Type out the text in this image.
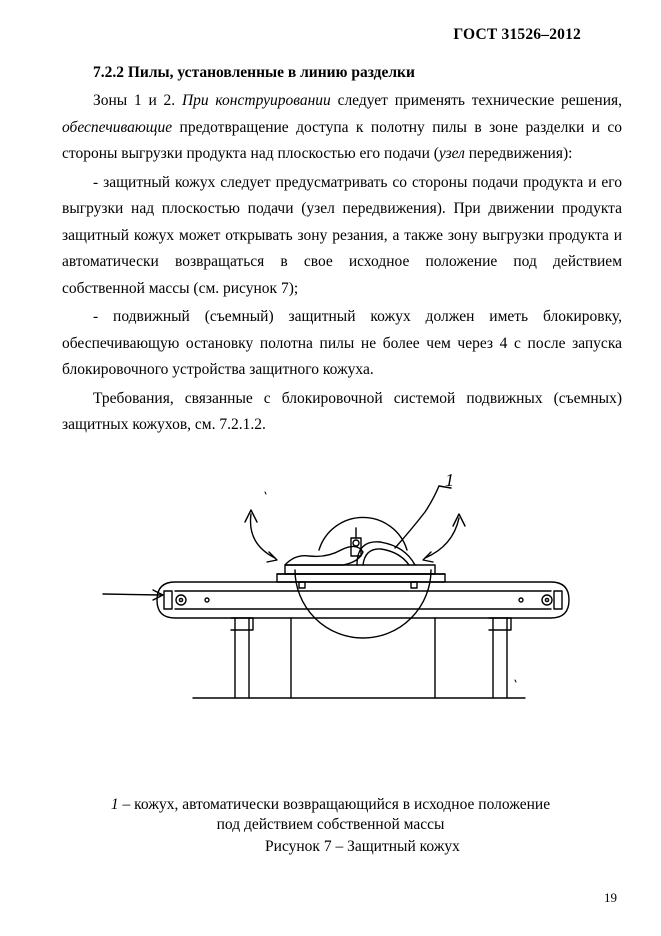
ГОСТ 31526–2012
7.2.2 Пилы, установленные в линию разделки

Зоны 1 и 2. При конструировании следует применять технические решения, обеспечивающие предотвращение доступа к полотну пилы в зоне разделки и со стороны выгрузки продукта над плоскостью его подачи (узел передвижения):

- защитный кожух следует предусматривать со стороны подачи продукта и его выгрузки над плоскостью подачи (узел передвижения). При движении продукта защитный кожух может открывать зону резания, а также зону выгрузки продукта и автоматически возвращаться в свое исходное положение под действием собственной массы (см. рисунок 7);

- подвижный (съемный) защитный кожух должен иметь блокировку, обеспечивающую остановку полотна пилы не более чем через 4 с после запуска блокировочного устройства защитного кожуха.

Требования, связанные с блокировочной системой подвижных (съемных) защитных кожухов, см. 7.2.1.2.

1
1 – кожух, автоматически возвращающийся в исходное положение
под действием собственной массы
Рисунок 7 – Защитный кожух
19
